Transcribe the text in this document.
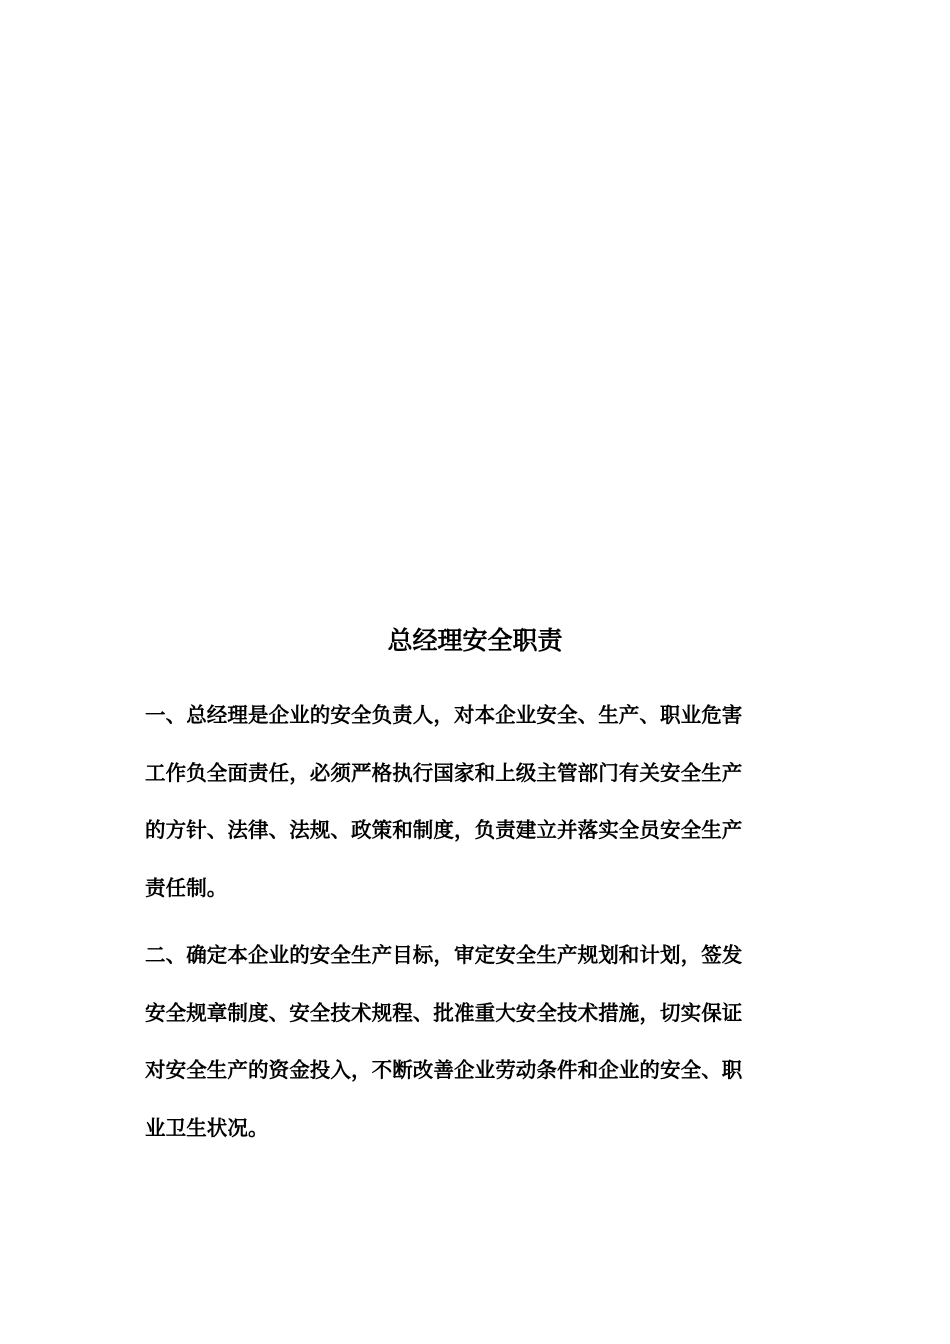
总经理安全职责
一、总经理是企业的安全负责人，对本企业安全、生产、职业危害
工作负全面责任，必须严格执行国家和上级主管部门有关安全生产
的方针、法律、法规、政策和制度，负责建立并落实全员安全生产
责任制。
二、确定本企业的安全生产目标，审定安全生产规划和计划，签发
安全规章制度、安全技术规程、批准重大安全技术措施，切实保证
对安全生产的资金投入，不断改善企业劳动条件和企业的安全、职
业卫生状况。
